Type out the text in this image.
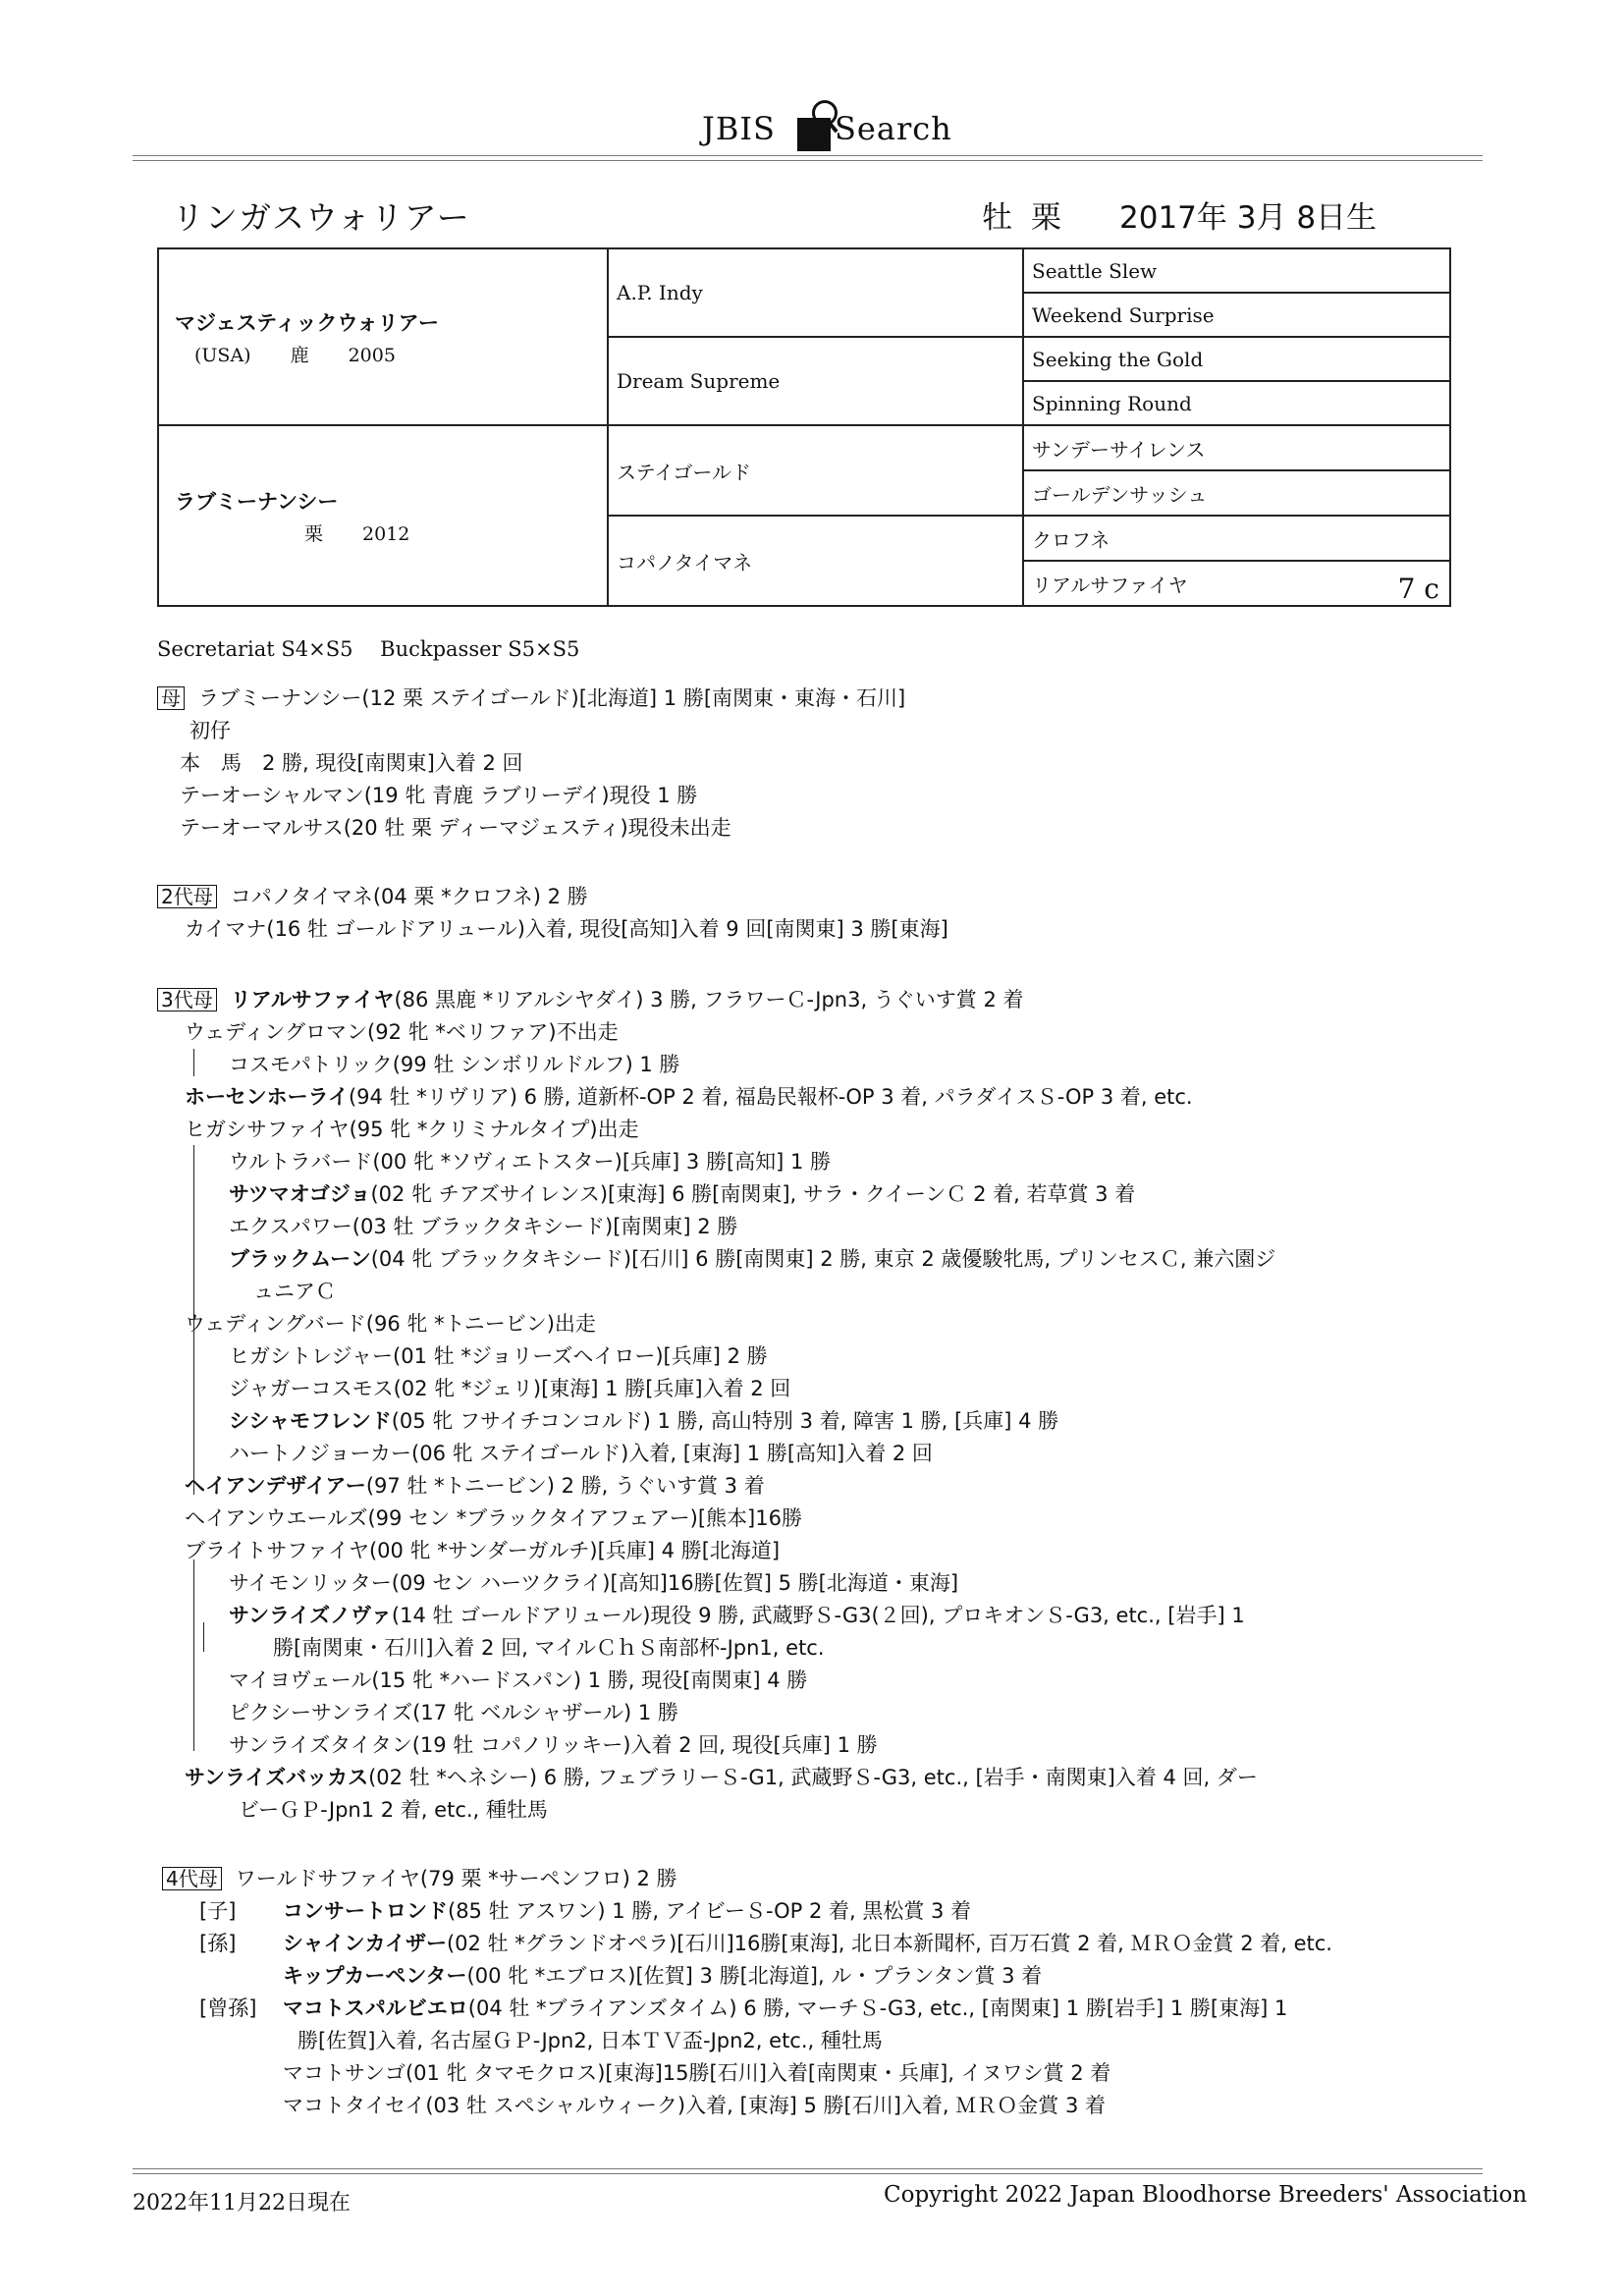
JBIS Search
リンガスウォリアー	牡 栗 2017年 3月 8日生
マジェスティックウォリアー
(USA) 鹿 2005	A.P. Indy	Seattle Slew
		Weekend Surprise
	Dream Supreme	Seeking the Gold
		Spinning Round

ラブミーナンシー
栗 2012	ステイゴールド	サンデーサイレンス
		ゴールデンサッシュ
	コパノタイマネ	クロフネ
		リアルサファイヤ 7 c
Secretariat S4×S5　 Buckpasser S5×S5
母 ラブミーナンシー(12 栗 ステイゴールド)[北海道] 1 勝[南関東・東海・石川]
初仔
本　馬　2 勝, 現役[南関東]入着 2 回
テーオーシャルマン(19 牝 青鹿 ラブリーデイ)現役 1 勝
テーオーマルサス(20 牡 栗 ディーマジェスティ)現役未出走
2代母 コパノタイマネ(04 栗 *クロフネ) 2 勝
カイマナ(16 牡 ゴールドアリュール)入着, 現役[高知]入着 9 回[南関東] 3 勝[東海]
3代母 リアルサファイヤ(86 黒鹿 *リアルシヤダイ) 3 勝, フラワーＣ-Jpn3, うぐいす賞 2 着
ウェディングロマン(92 牝 *ベリファア)不出走
コスモパトリック(99 牡 シンボリルドルフ) 1 勝
ホーセンホーライ(94 牡 *リヴリア) 6 勝, 道新杯-OP 2 着, 福島民報杯-OP 3 着, パラダイスＳ-OP 3 着, etc.
ヒガシサファイヤ(95 牝 *クリミナルタイプ)出走
ウルトラバード(00 牝 *ソヴィエトスター)[兵庫] 3 勝[高知] 1 勝
サツマオゴジョ(02 牝 チアズサイレンス)[東海] 6 勝[南関東], サラ・クイーンＣ 2 着, 若草賞 3 着
エクスパワー(03 牡 ブラックタキシード)[南関東] 2 勝
ブラックムーン(04 牝 ブラックタキシード)[石川] 6 勝[南関東] 2 勝, 東京 2 歳優駿牝馬, プリンセスＣ, 兼六園ジ
ュニアＣ
ウェディングバード(96 牝 *トニービン)出走
ヒガシトレジャー(01 牡 *ジョリーズヘイロー)[兵庫] 2 勝
ジャガーコスモス(02 牝 *ジェリ)[東海] 1 勝[兵庫]入着 2 回
シシャモフレンド(05 牝 フサイチコンコルド) 1 勝, 高山特別 3 着, 障害 1 勝, [兵庫] 4 勝
ハートノジョーカー(06 牝 ステイゴールド)入着, [東海] 1 勝[高知]入着 2 回
ヘイアンデザイアー(97 牡 *トニービン) 2 勝, うぐいす賞 3 着
ヘイアンウエールズ(99 セン *ブラックタイアフェアー)[熊本]16勝
ブライトサファイヤ(00 牝 *サンダーガルチ)[兵庫] 4 勝[北海道]
サイモンリッター(09 セン ハーツクライ)[高知]16勝[佐賀] 5 勝[北海道・東海]
サンライズノヴァ(14 牡 ゴールドアリュール)現役 9 勝, 武蔵野Ｓ-G3(２回), プロキオンＳ-G3, etc., [岩手] 1
勝[南関東・石川]入着 2 回, マイルＣｈＳ南部杯-Jpn1, etc.
マイヨヴェール(15 牝 *ハードスパン) 1 勝, 現役[南関東] 4 勝
ピクシーサンライズ(17 牝 ベルシャザール) 1 勝
サンライズタイタン(19 牡 コパノリッキー)入着 2 回, 現役[兵庫] 1 勝
サンライズバッカス(02 牡 *ヘネシー) 6 勝, フェブラリーＳ-G1, 武蔵野Ｓ-G3, etc., [岩手・南関東]入着 4 回, ダー
ビーＧＰ-Jpn1 2 着, etc., 種牡馬
4代母 ワールドサファイヤ(79 栗 *サーペンフロ) 2 勝
[子] コンサートロンド(85 牡 アスワン) 1 勝, アイビーＳ-OP 2 着, 黒松賞 3 着
[孫] シャインカイザー(02 牡 *グランドオペラ)[石川]16勝[東海], 北日本新聞杯, 百万石賞 2 着, ＭＲＯ金賞 2 着, etc.
キップカーペンター(00 牝 *エブロス)[佐賀] 3 勝[北海道], ル・プランタン賞 3 着
[曾孫] マコトスパルビエロ(04 牡 *ブライアンズタイム) 6 勝, マーチＳ-G3, etc., [南関東] 1 勝[岩手] 1 勝[東海] 1
勝[佐賀]入着, 名古屋ＧＰ-Jpn2, 日本ＴＶ盃-Jpn2, etc., 種牡馬
マコトサンゴ(01 牝 タマモクロス)[東海]15勝[石川]入着[南関東・兵庫], イヌワシ賞 2 着
マコトタイセイ(03 牡 スペシャルウィーク)入着, [東海] 5 勝[石川]入着, ＭＲＯ金賞 3 着
2022年11月22日現在	Copyright 2022 Japan Bloodhorse Breeders' Association
